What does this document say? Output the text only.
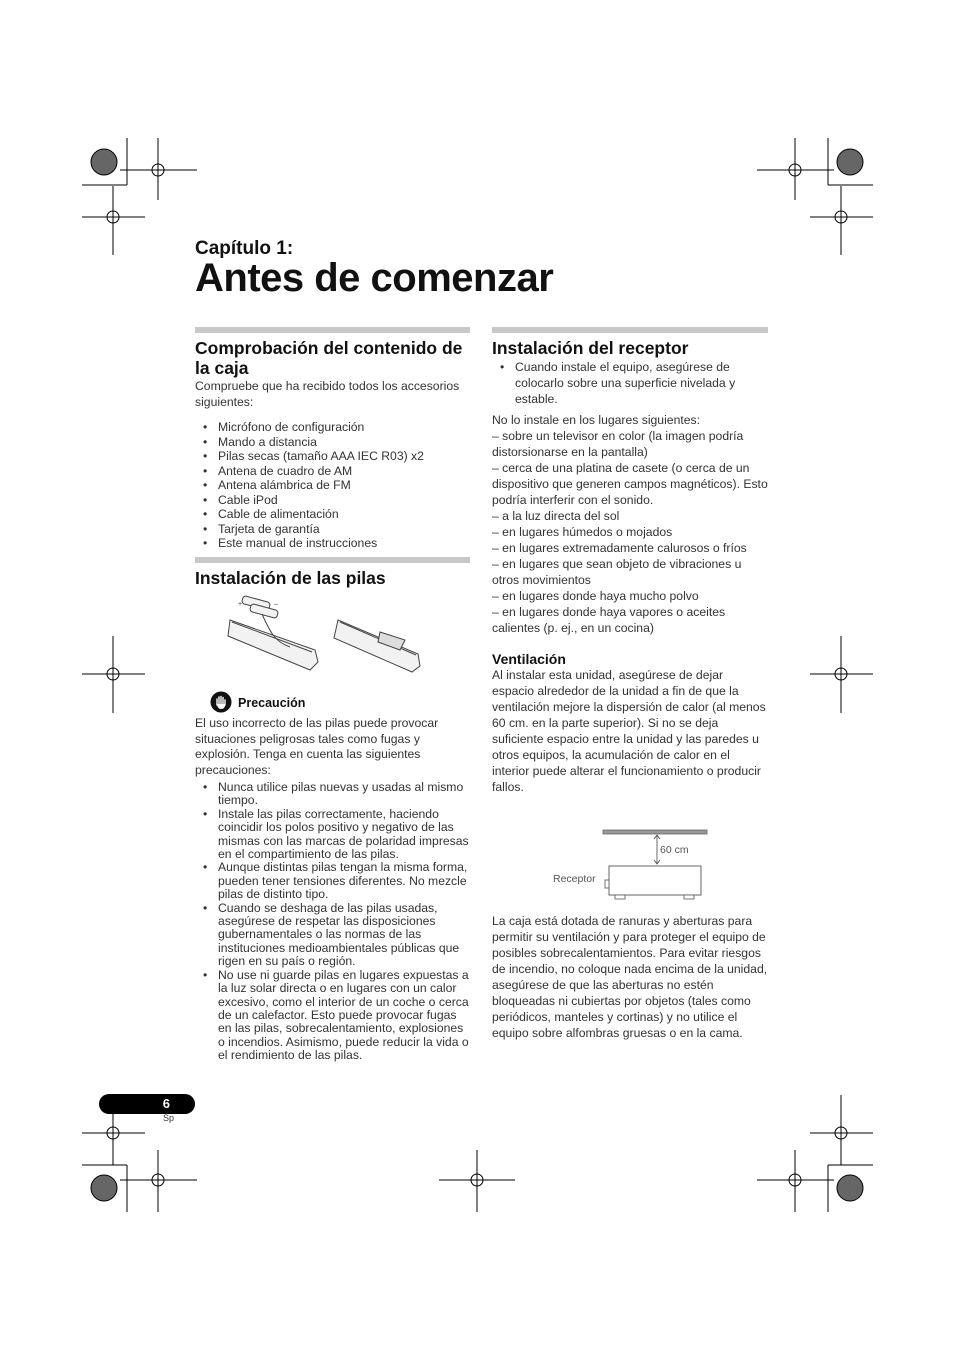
Capítulo 1:
Antes de comenzar
Comprobación del contenido de la caja

Compruebe que ha recibido todos los accesorios siguientes:

• Micrófono de configuración
• Mando a distancia
• Pilas secas (tamaño AAA IEC R03) x2
• Antena de cuadro de AM
• Antena alámbrica de FM
• Cable iPod
• Cable de alimentación
• Tarjeta de garantía
• Este manual de instrucciones
Instalación de las pilas
+	–
Precaución

El uso incorrecto de las pilas puede provocar situaciones peligrosas tales como fugas y explosión. Tenga en cuenta las siguientes precauciones:

• Nunca utilice pilas nuevas y usadas al mismo tiempo.
• Instale las pilas correctamente, haciendo coincidir los polos positivo y negativo de las mismas con las marcas de polaridad impresas en el compartimiento de las pilas.
• Aunque distintas pilas tengan la misma forma, pueden tener tensiones diferentes. No mezcle pilas de distinto tipo.
• Cuando se deshaga de las pilas usadas, asegúrese de respetar las disposiciones gubernamentales o las normas de las instituciones medioambientales públicas que rigen en su país o región.
• No use ni guarde pilas en lugares expuestas a la luz solar directa o en lugares con un calor excesivo, como el interior de un coche o cerca de un calefactor. Esto puede provocar fugas en las pilas, sobrecalentamiento, explosiones o incendios. Asimismo, puede reducir la vida o el rendimiento de las pilas.
Instalación del receptor
• Cuando instale el equipo, asegúrese de colocarlo sobre una superficie nivelada y estable.

No lo instale en los lugares siguientes:

– sobre un televisor en color (la imagen podría distorsionarse en la pantalla)

– cerca de una platina de casete (o cerca de un dispositivo que generen campos magnéticos). Esto podría interferir con el sonido.

– a la luz directa del sol

– en lugares húmedos o mojados

– en lugares extremadamente calurosos o fríos

– en lugares que sean objeto de vibraciones u otros movimientos

– en lugares donde haya mucho polvo

– en lugares donde haya vapores o aceites calientes (p. ej., en un cocina)

Ventilación

Al instalar esta unidad, asegúrese de dejar espacio alrededor de la unidad a fin de que la ventilación mejore la dispersión de calor (al menos 60 cm. en la parte superior). Si no se deja suficiente espacio entre la unidad y las paredes u otros equipos, la acumulación de calor en el interior puede alterar el funcionamiento o producir fallos.

60 cm
Receptor

La caja está dotada de ranuras y aberturas para permitir su ventilación y para proteger el equipo de posibles sobrecalentamientos. Para evitar riesgos de incendio, no coloque nada encima de la unidad, asegúrese de que las aberturas no estén bloqueadas ni cubiertas por objetos (tales como periódicos, manteles y cortinas) y no utilice el equipo sobre alfombras gruesas o en la cama.

6
Sp
